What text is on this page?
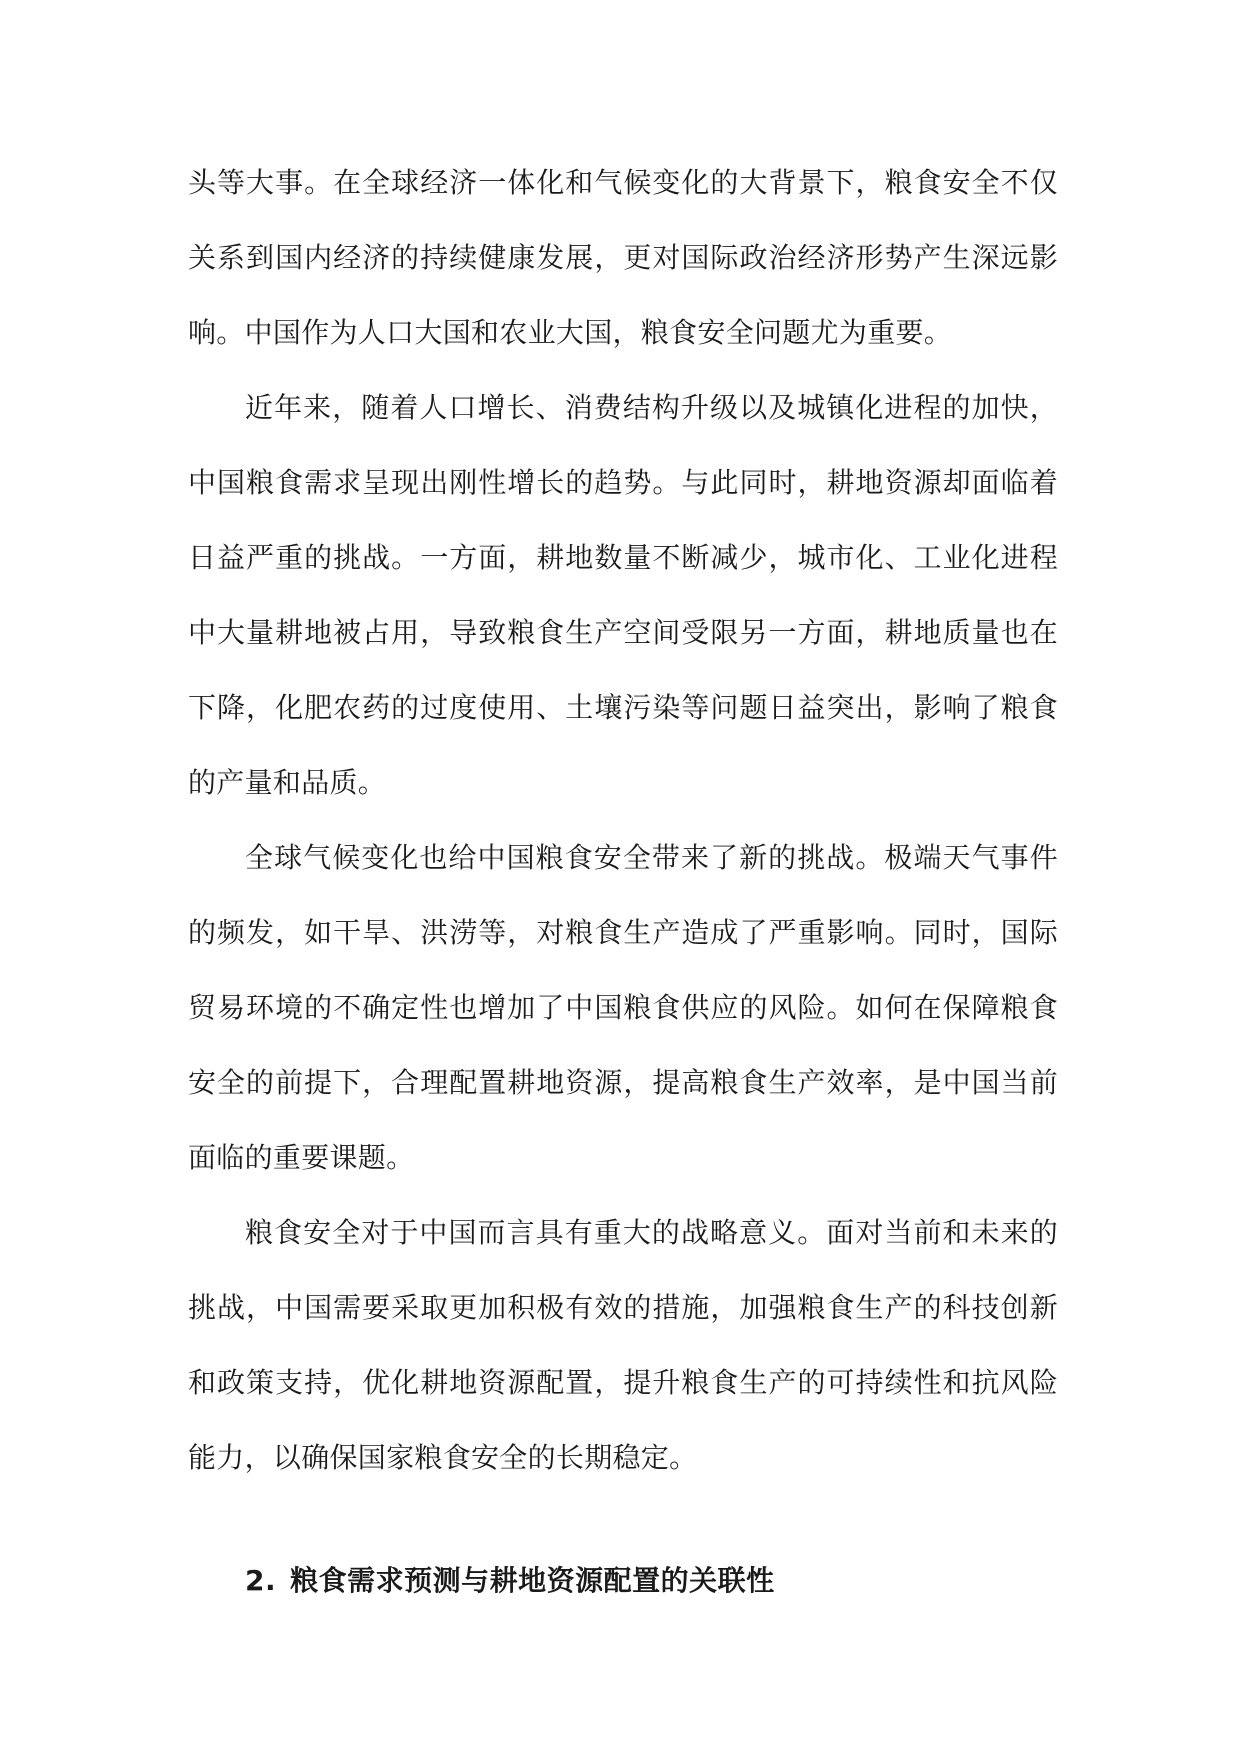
头等大事。在全球经济一体化和气候变化的大背景下，粮食安全不仅关系到国内经济的持续健康发展，更对国际政治经济形势产生深远影响。中国作为人口大国和农业大国，粮食安全问题尤为重要。

近年来，随着人口增长、消费结构升级以及城镇化进程的加快，中国粮食需求呈现出刚性增长的趋势。与此同时，耕地资源却面临着日益严重的挑战。一方面，耕地数量不断减少，城市化、工业化进程中大量耕地被占用，导致粮食生产空间受限另一方面，耕地质量也在下降，化肥农药的过度使用、土壤污染等问题日益突出，影响了粮食的产量和品质。

全球气候变化也给中国粮食安全带来了新的挑战。极端天气事件的频发，如干旱、洪涝等，对粮食生产造成了严重影响。同时，国际贸易环境的不确定性也增加了中国粮食供应的风险。如何在保障粮食安全的前提下，合理配置耕地资源，提高粮食生产效率，是中国当前面临的重要课题。

粮食安全对于中国而言具有重大的战略意义。面对当前和未来的挑战，中国需要采取更加积极有效的措施，加强粮食生产的科技创新和政策支持，优化耕地资源配置，提升粮食生产的可持续性和抗风险能力，以确保国家粮食安全的长期稳定。

2. 粮食需求预测与耕地资源配置的关联性
